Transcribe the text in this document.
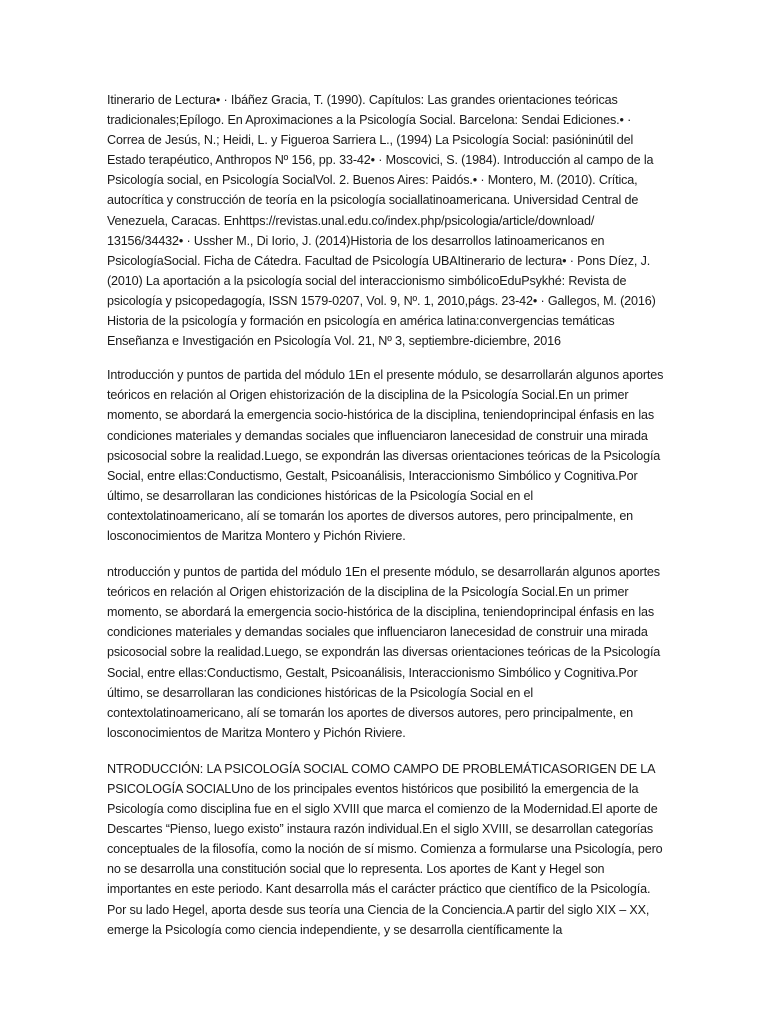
Itinerario de Lectura• · Ibáñez Gracia, T. (1990). Capítulos: Las grandes orientaciones teóricas tradicionales;Epílogo. En Aproximaciones a la Psicología Social. Barcelona: Sendai Ediciones.• · Correa de Jesús, N.; Heidi, L. y Figueroa Sarriera L., (1994) La Psicología Social: pasióninútil del Estado terapéutico, Anthropos Nº 156, pp. 33-42• · Moscovici, S. (1984). Introducción al campo de la Psicología social, en Psicología SocialVol. 2. Buenos Aires: Paidós.• · Montero, M. (2010). Crítica, autocrítica y construcción de teoría en la psicología sociallatinoamericana. Universidad Central de Venezuela, Caracas. Enhttps://revistas.unal.edu.co/index.php/psicologia/article/download/ 13156/34432• · Ussher M., Di Iorio, J. (2014)Historia de los desarrollos latinoamericanos en PsicologíaSocial. Ficha de Cátedra. Facultad de Psicología UBAItinerario de lectura• · Pons Díez, J. (2010) La aportación a la psicología social del interaccionismo simbólicoEduPsykhé: Revista de psicología y psicopedagogía, ISSN 1579-0207, Vol. 9, Nº. 1, 2010,págs. 23-42• · Gallegos, M. (2016) Historia de la psicología y formación en psicología en américa latina:convergencias temáticas Enseñanza e Investigación en Psicología Vol. 21, Nº 3, septiembre-diciembre, 2016

Introducción y puntos de partida del módulo 1En el presente módulo, se desarrollarán algunos aportes teóricos en relación al Origen ehistorización de la disciplina de la Psicología Social.En un primer momento, se abordará la emergencia socio-histórica de la disciplina, teniendoprincipal énfasis en las condiciones materiales y demandas sociales que influenciaron lanecesidad de construir una mirada psicosocial sobre la realidad.Luego, se expondrán las diversas orientaciones teóricas de la Psicología Social, entre ellas:Conductismo, Gestalt, Psicoanálisis, Interaccionismo Simbólico y Cognitiva.Por último, se desarrollaran las condiciones históricas de la Psicología Social en el contextolatinoamericano, alí se tomarán los aportes de diversos autores, pero principalmente, en losconocimientos de Maritza Montero y Pichón Riviere.

ntroducción y puntos de partida del módulo 1En el presente módulo, se desarrollarán algunos aportes teóricos en relación al Origen ehistorización de la disciplina de la Psicología Social.En un primer momento, se abordará la emergencia socio-histórica de la disciplina, teniendoprincipal énfasis en las condiciones materiales y demandas sociales que influenciaron lanecesidad de construir una mirada psicosocial sobre la realidad.Luego, se expondrán las diversas orientaciones teóricas de la Psicología Social, entre ellas:Conductismo, Gestalt, Psicoanálisis, Interaccionismo Simbólico y Cognitiva.Por último, se desarrollaran las condiciones históricas de la Psicología Social en el contextolatinoamericano, alí se tomarán los aportes de diversos autores, pero principalmente, en losconocimientos de Maritza Montero y Pichón Riviere.

NTRODUCCIÓN: LA PSICOLOGÍA SOCIAL COMO CAMPO DE PROBLEMÁTICASORIGEN DE LA PSICOLOGÍA SOCIALUno de los principales eventos históricos que posibilitó la emergencia de la Psicología como disciplina fue en el siglo XVIII que marca el comienzo de la Modernidad.El aporte de Descartes “Pienso, luego existo” instaura razón individual.En el siglo XVIII, se desarrollan categorías conceptuales de la filosofía, como la noción de sí mismo. Comienza a formularse una Psicología, pero no se desarrolla una constitución social que lo representa. Los aportes de Kant y Hegel son importantes en este periodo. Kant desarrolla más el carácter práctico que científico de la Psicología. Por su lado Hegel, aporta desde sus teoría una Ciencia de la Conciencia.A partir del siglo XIX – XX, emerge la Psicología como ciencia independiente, y se desarrolla científicamente la
